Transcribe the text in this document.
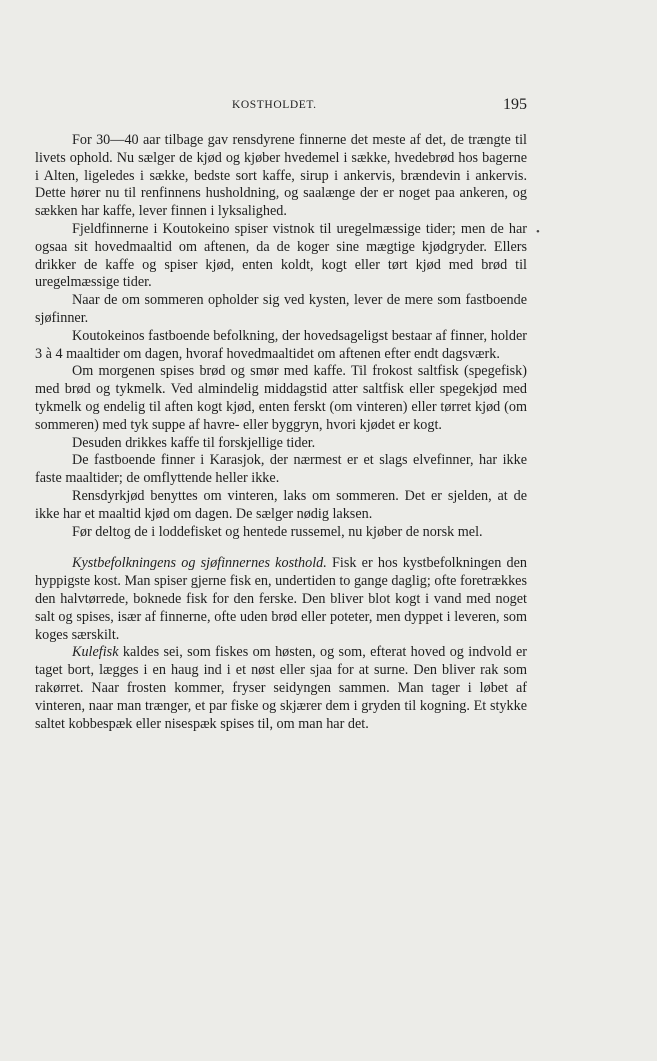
KOSTHOLDET.	195
•

For 30—40 aar tilbage gav rensdyrene finnerne det meste af det, de trængte til livets ophold. Nu sælger de kjød og kjøber hvedemel i sække, hvedebrød hos bagerne i Alten, ligeledes i sække, bedste sort kaffe, sirup i ankervis, brændevin i ankervis. Dette hører nu til renfinnens husholdning, og saalænge der er noget paa ankeren, og sækken har kaffe, lever finnen i lyksalighed.

Fjeldfinnerne i Koutokeino spiser vistnok til uregelmæssige tider; men de har ogsaa sit hovedmaaltid om aftenen, da de koger sine mægtige kjødgryder. Ellers drikker de kaffe og spiser kjød, enten koldt, kogt eller tørt kjød med brød til uregelmæssige tider.

Naar de om sommeren opholder sig ved kysten, lever de mere som fastboende sjøfinner.

Koutokeinos fastboende befolkning, der hovedsageligst bestaar af finner, holder 3 à 4 maaltider om dagen, hvoraf hovedmaaltidet om aftenen efter endt dagsværk.

Om morgenen spises brød og smør med kaffe. Til frokost saltfisk (spegefisk) med brød og tykmelk. Ved almindelig middagstid atter saltfisk eller spegekjød med tykmelk og endelig til aften kogt kjød, enten ferskt (om vinteren) eller tørret kjød (om sommeren) med tyk suppe af havre- eller byggryn, hvori kjødet er kogt.

Desuden drikkes kaffe til forskjellige tider.

De fastboende finner i Karasjok, der nærmest er et slags elvefinner, har ikke faste maaltider; de omflyttende heller ikke.

Rensdyrkjød benyttes om vinteren, laks om sommeren. Det er sjelden, at de ikke har et maaltid kjød om dagen. De sælger nødig laksen.

Før deltog de i loddefisket og hentede russemel, nu kjøber de norsk mel.

Kystbefolkningens og sjøfinnernes kosthold. Fisk er hos kystbefolkningen den hyppigste kost. Man spiser gjerne fisk en, undertiden to gange daglig; ofte foretrækkes den halvtørrede, boknede fisk for den ferske. Den bliver blot kogt i vand med noget salt og spises, især af finnerne, ofte uden brød eller poteter, men dyppet i leveren, som koges særskilt.

Kulefisk kaldes sei, som fiskes om høsten, og som, efterat hoved og indvold er taget bort, lægges i en haug ind i et nøst eller sjaa for at surne. Den bliver rak som rakørret. Naar frosten kommer, fryser seidyngen sammen. Man tager i løbet af vinteren, naar man trænger, et par fiske og skjærer dem i gryden til kogning. Et stykke saltet kobbespæk eller nisespæk spises til, om man har det.
